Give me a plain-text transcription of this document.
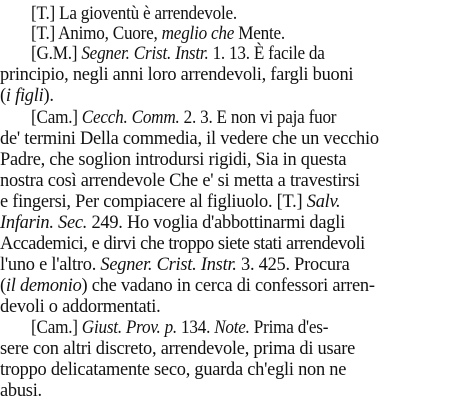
[T.] La gioventù è arrendevole.
[T.] Animo, Cuore, meglio che Mente.
[G.M.] Segner. Crist. Instr. 1. 13. È facile da
principio, negli anni loro arrendevoli, fargli buoni
(i figli).
[Cam.] Cecch. Comm. 2. 3. E non vi paja fuor
de' termini Della commedia, il vedere che un vecchio
Padre, che soglion introdursi rigidi, Sia in questa
nostra così arrendevole Che e' si metta a travestirsi
e fingersi, Per compiacere al figliuolo. [T.] Salv.
Infarin. Sec. 249. Ho voglia d'abbottinarmi dagli
Accademici, e dirvi che troppo siete stati arrendevoli
l'uno e l'altro. Segner. Crist. Instr. 3. 425. Procura
(il demonio) che vadano in cerca di confessori arren-
devoli o addormentati.
[Cam.] Giust. Prov. p. 134. Note. Prima d'es-
sere con altri discreto, arrendevole, prima di usare
troppo delicatamente seco, guarda ch'egli non ne
abusi.
